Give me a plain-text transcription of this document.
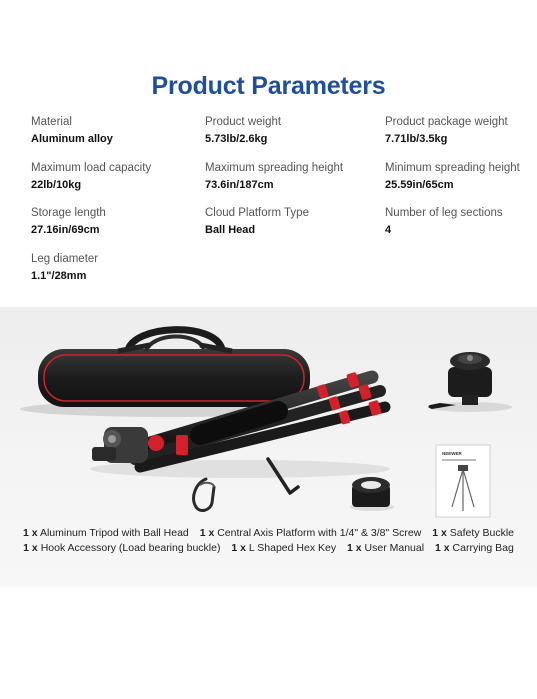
Product Parameters
Material
Aluminum alloy
Product weight
5.73lb/2.6kg
Product package weight
7.71lb/3.5kg
Maximum load capacity
22lb/10kg
Maximum spreading height
73.6in/187cm
Minimum spreading height
25.59in/65cm
Storage length
27.16in/69cm
Cloud Platform Type
Ball Head
Number of leg sections
4
Leg diameter
1.1"/28mm
NEEWER
1 x Aluminum Tripod with Ball Head 1 x Central Axis Platform with 1/4" & 3/8" Screw 1 x Safety Buckle
1 x Hook Accessory (Load bearing buckle) 1 x L Shaped Hex Key 1 x User Manual 1 x Carrying Bag
